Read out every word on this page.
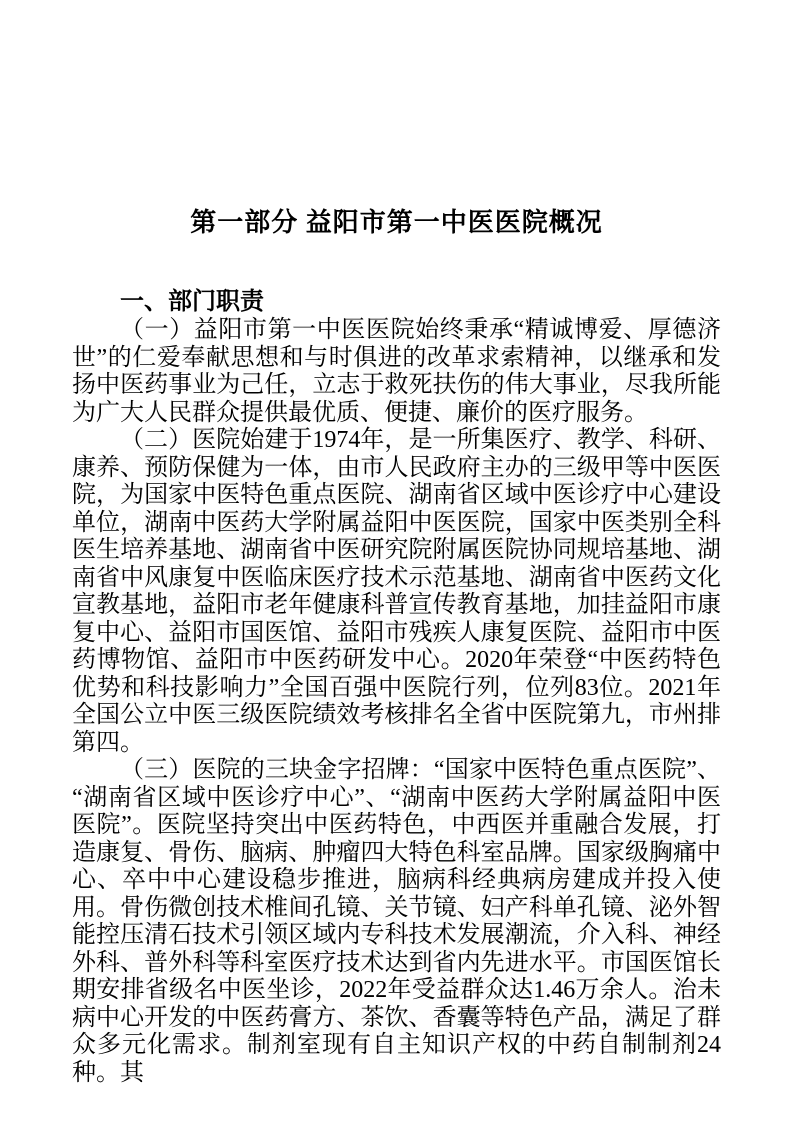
第一部分 益阳市第一中医医院概况
一、部门职责

（一）益阳市第一中医医院始终秉承“精诚博爱、厚德济世”的仁爱奉献思想和与时俱进的改革求索精神，以继承和发扬中医药事业为己任，立志于救死扶伤的伟大事业，尽我所能为广大人民群众提供最优质、便捷、廉价的医疗服务。

（二）医院始建于1974年，是一所集医疗、教学、科研、康养、预防保健为一体，由市人民政府主办的三级甲等中医医院，为国家中医特色重点医院、湖南省区域中医诊疗中心建设单位，湖南中医药大学附属益阳中医医院，国家中医类别全科医生培养基地、湖南省中医研究院附属医院协同规培基地、湖南省中风康复中医临床医疗技术示范基地、湖南省中医药文化宣教基地，益阳市老年健康科普宣传教育基地，加挂益阳市康复中心、益阳市国医馆、益阳市残疾人康复医院、益阳市中医药博物馆、益阳市中医药研发中心。2020年荣登“中医药特色优势和科技影响力”全国百强中医院行列，位列83位。2021年全国公立中医三级医院绩效考核排名全省中医院第九，市州排第四。

（三）医院的三块金字招牌：“国家中医特色重点医院”、“湖南省区域中医诊疗中心”、“湖南中医药大学附属益阳中医医院”。医院坚持突出中医药特色，中西医并重融合发展，打造康复、骨伤、脑病、肿瘤四大特色科室品牌。国家级胸痛中心、卒中中心建设稳步推进，脑病科经典病房建成并投入使用。骨伤微创技术椎间孔镜、关节镜、妇产科单孔镜、泌外智能控压清石技术引领区域内专科技术发展潮流，介入科、神经外科、普外科等科室医疗技术达到省内先进水平。市国医馆长期安排省级名中医坐诊，2022年受益群众达1.46万余人。治未病中心开发的中医药膏方、茶饮、香囊等特色产品，满足了群众多元化需求。制剂室现有自主知识产权的中药自制制剂24种。其
